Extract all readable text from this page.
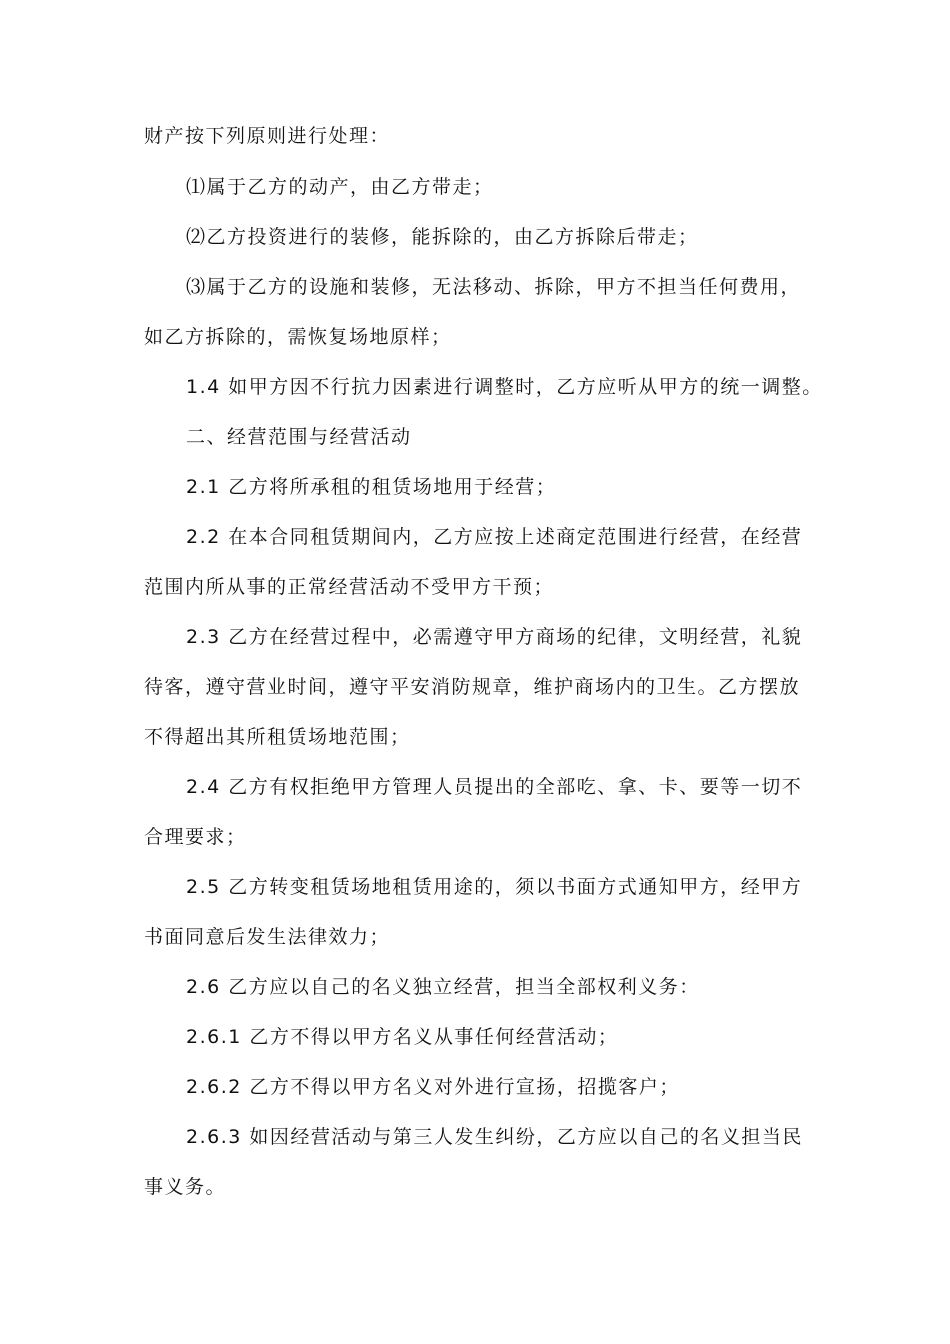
财产按下列原则进行处理：
⑴属于乙方的动产，由乙方带走；
⑵乙方投资进行的装修，能拆除的，由乙方拆除后带走；
⑶属于乙方的设施和装修，无法移动、拆除，甲方不担当任何费用，
如乙方拆除的，需恢复场地原样；
1.4 如甲方因不行抗力因素进行调整时，乙方应听从甲方的统一调整。
二、经营范围与经营活动
2.1 乙方将所承租的租赁场地用于经营；
2.2 在本合同租赁期间内，乙方应按上述商定范围进行经营，在经营
范围内所从事的正常经营活动不受甲方干预；
2.3 乙方在经营过程中，必需遵守甲方商场的纪律，文明经营，礼貌
待客，遵守营业时间，遵守平安消防规章，维护商场内的卫生。乙方摆放
不得超出其所租赁场地范围；
2.4 乙方有权拒绝甲方管理人员提出的全部吃、拿、卡、要等一切不
合理要求；
2.5 乙方转变租赁场地租赁用途的，须以书面方式通知甲方，经甲方
书面同意后发生法律效力；
2.6 乙方应以自己的名义独立经营，担当全部权利义务：
2.6.1 乙方不得以甲方名义从事任何经营活动；
2.6.2 乙方不得以甲方名义对外进行宣扬，招揽客户；
2.6.3 如因经营活动与第三人发生纠纷，乙方应以自己的名义担当民
事义务。
